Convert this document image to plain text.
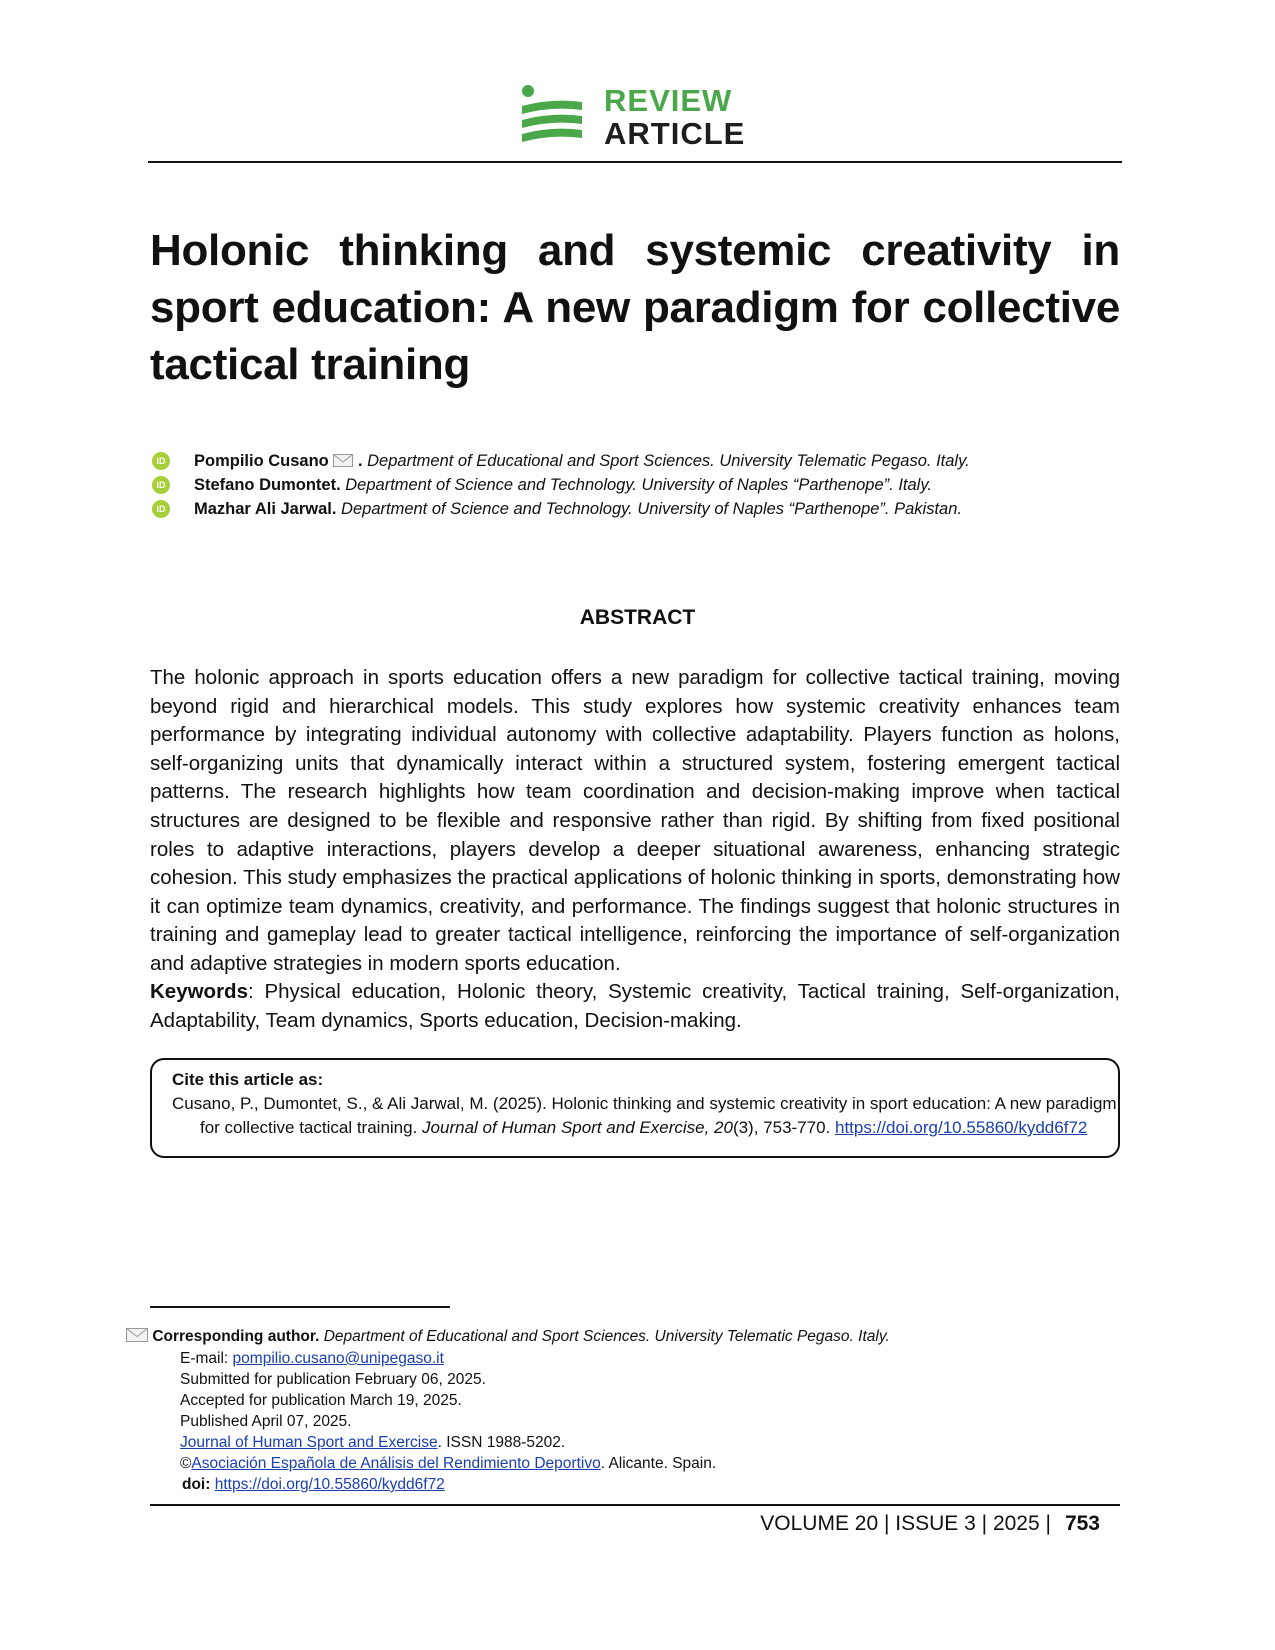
REVIEW
ARTICLE
Holonic thinking and systemic creativity in sport education: A new paradigm for collective tactical training
iD Pompilio Cusano . Department of Educational and Sport Sciences. University Telematic Pegaso. Italy.
iD Stefano Dumontet. Department of Science and Technology. University of Naples “Parthenope”. Italy.
iD Mazhar Ali Jarwal. Department of Science and Technology. University of Naples “Parthenope”. Pakistan.
ABSTRACT
The holonic approach in sports education offers a new paradigm for collective tactical training, moving beyond rigid and hierarchical models. This study explores how systemic creativity enhances team performance by integrating individual autonomy with collective adaptability. Players function as holons, self-organizing units that dynamically interact within a structured system, fostering emergent tactical patterns. The research highlights how team coordination and decision-making improve when tactical structures are designed to be flexible and responsive rather than rigid. By shifting from fixed positional roles to adaptive interactions, players develop a deeper situational awareness, enhancing strategic cohesion. This study emphasizes the practical applications of holonic thinking in sports, demonstrating how it can optimize team dynamics, creativity, and performance. The findings suggest that holonic structures in training and gameplay lead to greater tactical intelligence, reinforcing the importance of self-organization and adaptive strategies in modern sports education.
Keywords: Physical education, Holonic theory, Systemic creativity, Tactical training, Self-organization, Adaptability, Team dynamics, Sports education, Decision-making.
Cite this article as:
Cusano, P., Dumontet, S., & Ali Jarwal, M. (2025). Holonic thinking and systemic creativity in sport education: A new paradigm
for collective tactical training. Journal of Human Sport and Exercise, 20(3), 753-770. https://doi.org/10.55860/kydd6f72
Corresponding author. Department of Educational and Sport Sciences. University Telematic Pegaso. Italy.
E-mail: pompilio.cusano@unipegaso.it
Submitted for publication February 06, 2025.
Accepted for publication March 19, 2025.
Published April 07, 2025.
Journal of Human Sport and Exercise. ISSN 1988-5202.
©Asociación Española de Análisis del Rendimiento Deportivo. Alicante. Spain.
doi: https://doi.org/10.55860/kydd6f72
VOLUME 20 | ISSUE 3 | 2025 | 753
